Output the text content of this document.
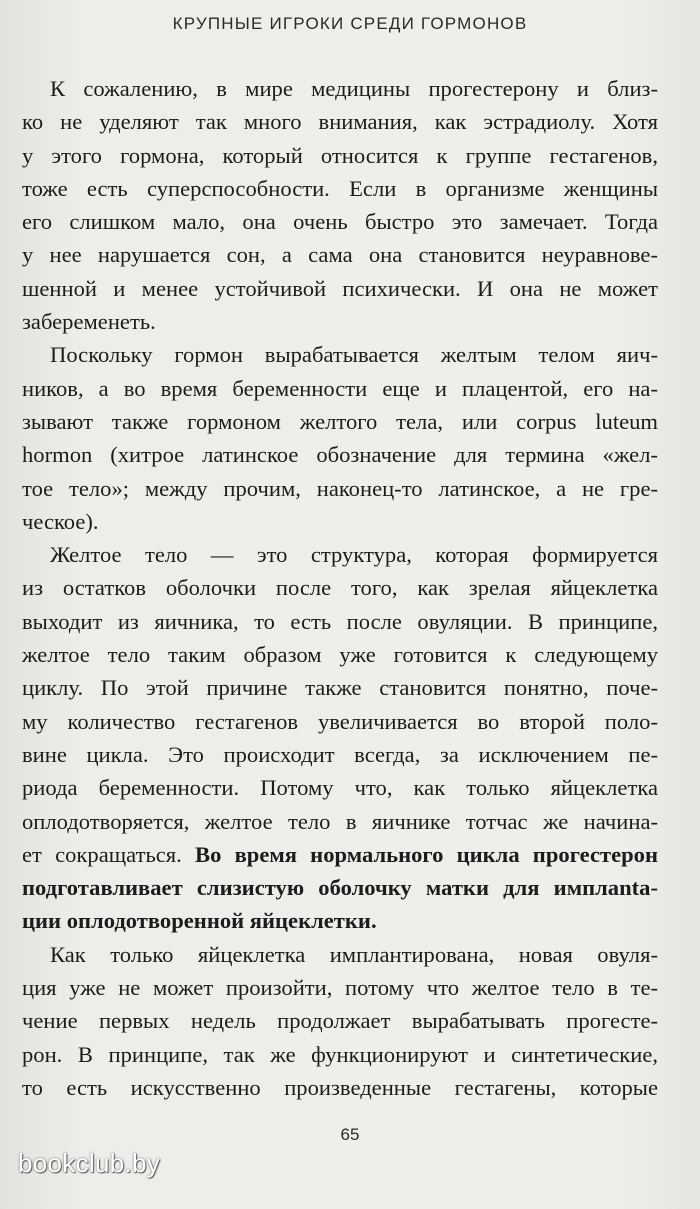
КРУПНЫЕ ИГРОКИ СРЕДИ ГОРМОНОВ

К сожалению, в мире медицины прогестерону и близ-
ко не уделяют так много внимания, как эстрадиолу. Хотя
у этого гормона, который относится к группе гестагенов,
тоже есть суперспособности. Если в организме женщины
его слишком мало, она очень быстро это замечает. Тогда
у нее нарушается сон, а сама она становится неуравнове-
шенной и менее устойчивой психически. И она не может
забеременеть.

Поскольку гормон вырабатывается желтым телом яич-
ников, а во время беременности еще и плацентой, его на-
зывают также гормоном желтого тела, или corpus luteum
hormon (хитрое латинское обозначение для термина «жел-
тое тело»; между прочим, наконец-то латинское, а не гре-
ческое).

Желтое тело — это структура, которая формируется
из остатков оболочки после того, как зрелая яйцеклетка
выходит из яичника, то есть после овуляции. В принципе,
желтое тело таким образом уже готовится к следующему
циклу. По этой причине также становится понятно, поче-
му количество гестагенов увеличивается во второй поло-
вине цикла. Это происходит всегда, за исключением пе-
риода беременности. Потому что, как только яйцеклетка
оплодотворяется, желтое тело в яичнике тотчас же начина-
ет сокращаться. Во время нормального цикла прогестерон
подготавливает слизистую оболочку матки для имплanta-
ции оплодотворенной яйцеклетки.

Как только яйцеклетка имплантирована, новая овуля-
ция уже не может произойти, потому что желтое тело в те-
чение первых недель продолжает вырабатывать прогесте-
рон. В принципе, так же функционируют и синтетические,
то есть искусственно произведенные гестагены, которые

65
bookclub.by
